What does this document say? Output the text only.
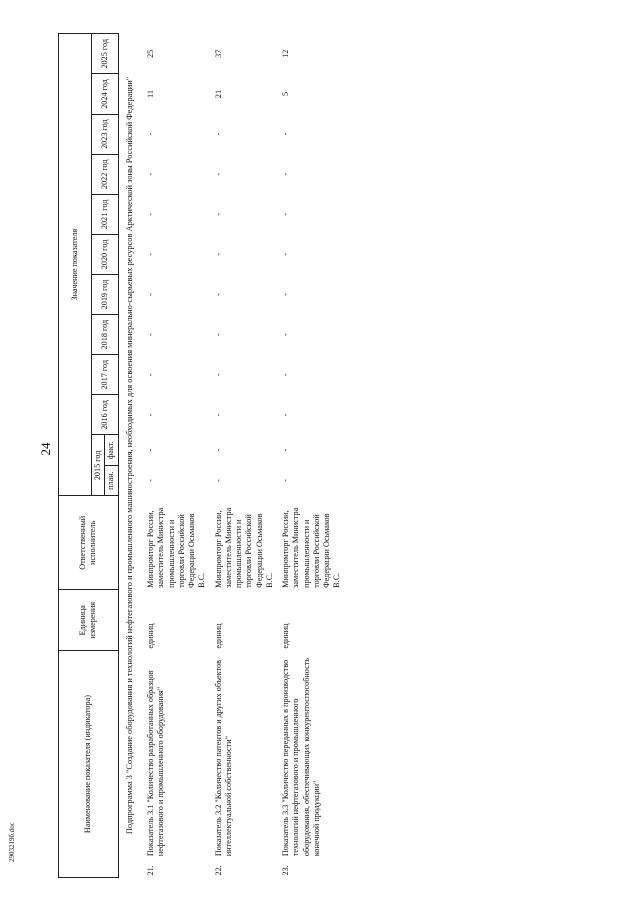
24
2903219б.doc
Наименование показателя (индикатора)		Единица измерения	Ответственный исполнитель	Значение показателя											
				2015 год		2016 год	2017 год	2018 год	2019 год	2020 год	2021 год	2022 год	2023 год	2024 год	2025 год
				план.	факт.										
Подпрограмма 3 "Создание оборудования и технологий нефтегазового и промышленного машиностроения, необходимых для освоения минерально-сырьевых ресурсов Арктической зоны Российской Федерации"															
21.	Показатель 3.1 "Количество разработанных образцов нефтегазового и промышленного оборудования"	единиц	Минпромторг России, заместитель Министра промышленности и торговли Российской Федерации Осьмаков В.С.	-	-	-	-	-	-	-	-	-	-	11	25
22.	Показатель 3.2 "Количество патентов и других объектов интеллектуальной собственности"	единиц	Минпромторг России, заместитель Министра промышленности и торговли Российской Федерации Осьмаков В.С.	-	-	-	-	-	-	-	-	-	-	21	37
23.	Показатель 3.3 "Количество переданных в производство технологий нефтегазового и промышленного оборудования, обеспечивающих конкурентоспособность конечной продукции"	единиц	Минпромторг России, заместитель Министра промышленности и торговли Российской Федерации Осьмаков В.С.	-	-	-	-	-	-	-	-	-	-	5	12
